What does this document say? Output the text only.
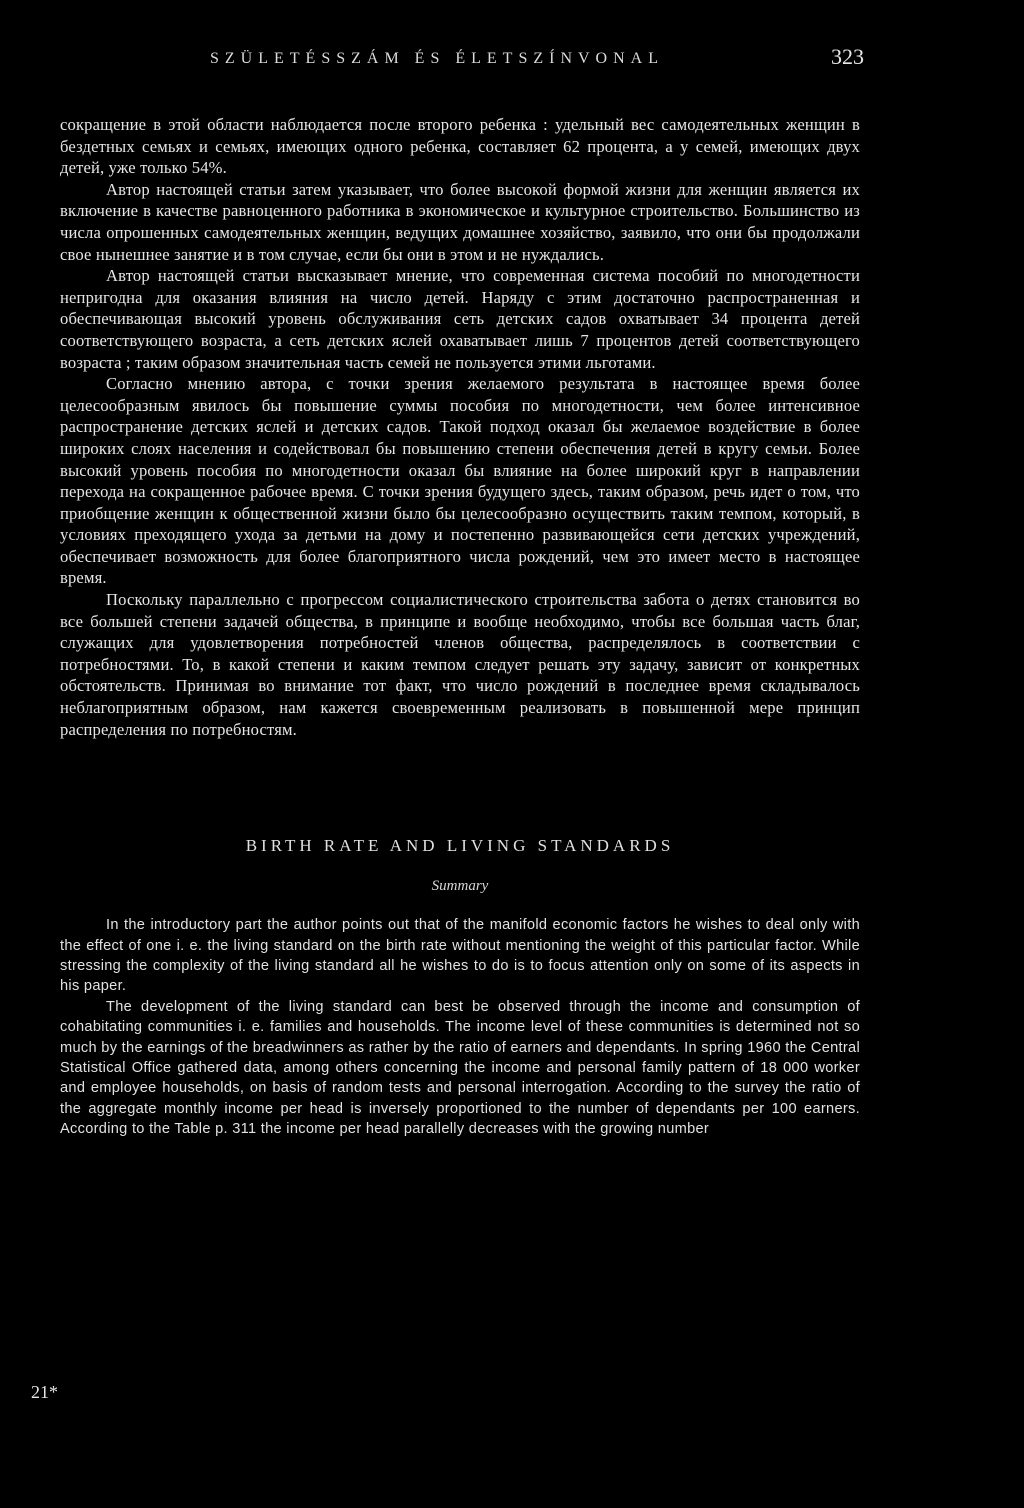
SZÜLETÉSSZÁM ÉS ÉLETSZÍNVONAL	323

сокращение в этой области наблюдается после второго ребенка : удельный вес самодеятельных женщин в бездетных семьях и семьях, имеющих одного ребенка, составляет 62 процента, а у семей, имеющих двух детей, уже только 54%.

Автор настоящей статьи затем указывает, что более высокой формой жизни для женщин является их включение в качестве равноценного работника в экономическое и культурное строительство. Большинство из числа опрошенных самодеятельных женщин, ведущих домашнее хозяйство, заявило, что они бы продолжали свое нынешнее занятие и в том случае, если бы они в этом и не нуждались.

Автор настоящей статьи высказывает мнение, что современная система пособий по многодетности непригодна для оказания влияния на число детей. Наряду с этим достаточно распространенная и обеспечивающая высокий уровень обслуживания сеть детских садов охватывает 34 процента детей соответствующего возраста, а сеть детских яслей охаватывает лишь 7 процентов детей соответствующего возраста ; таким образом значительная часть семей не пользуется этими льготами.

Согласно мнению автора, с точки зрения желаемого результата в настоящее время более целесообразным явилось бы повышение суммы пособия по многодетности, чем более интенсивное распространение детских яслей и детских садов. Такой подход оказал бы желаемое воздействие в более широких слоях населения и содействовал бы повышению степени обеспечения детей в кругу семьи. Более высокий уровень пособия по многодетности оказал бы влияние на более широкий круг в направлении перехода на сокращенное рабочее время. С точки зрения будущего здесь, таким образом, речь идет о том, что приобщение женщин к общественной жизни было бы целесообразно осуществить таким темпом, который, в условиях преходящего ухода за детьми на дому и постепенно развивающейся сети детских учреждений, обеспечивает возможность для более благоприятного числа рождений, чем это имеет место в настоящее время.

Поскольку параллельно с прогрессом социалистического строительства забота о детях становится во все большей степени задачей общества, в принципе и вообще необходимо, чтобы все большая часть благ, служащих для удовлетворения потребностей членов общества, распределялось в соответствии с потребностями. То, в какой степени и каким темпом следует решать эту задачу, зависит от конкретных обстоятельств. Принимая во внимание тот факт, что число рождений в последнее время складывалось неблагоприятным образом, нам кажется своевременным реализовать в повышенной мере принцип распределения по потребностям.

BIRTH RATE AND LIVING STANDARDS
Summary

In the introductory part the author points out that of the manifold economic factors he wishes to deal only with the effect of one i. e. the living standard on the birth rate without mentioning the weight of this particular factor. While stressing the complexity of the living standard all he wishes to do is to focus attention only on some of its aspects in his paper.

The development of the living standard can best be observed through the income and consumption of cohabitating communities i. e. families and households. The income level of these communities is determined not so much by the earnings of the breadwinners as rather by the ratio of earners and dependants. In spring 1960 the Central Statistical Office gathered data, among others concerning the income and personal family pattern of 18 000 worker and employee households, on basis of random tests and personal interrogation. According to the survey the ratio of the aggregate monthly income per head is inversely proportioned to the number of dependants per 100 earners. According to the Table p. 311 the income per head parallelly decreases with the growing number

21*
